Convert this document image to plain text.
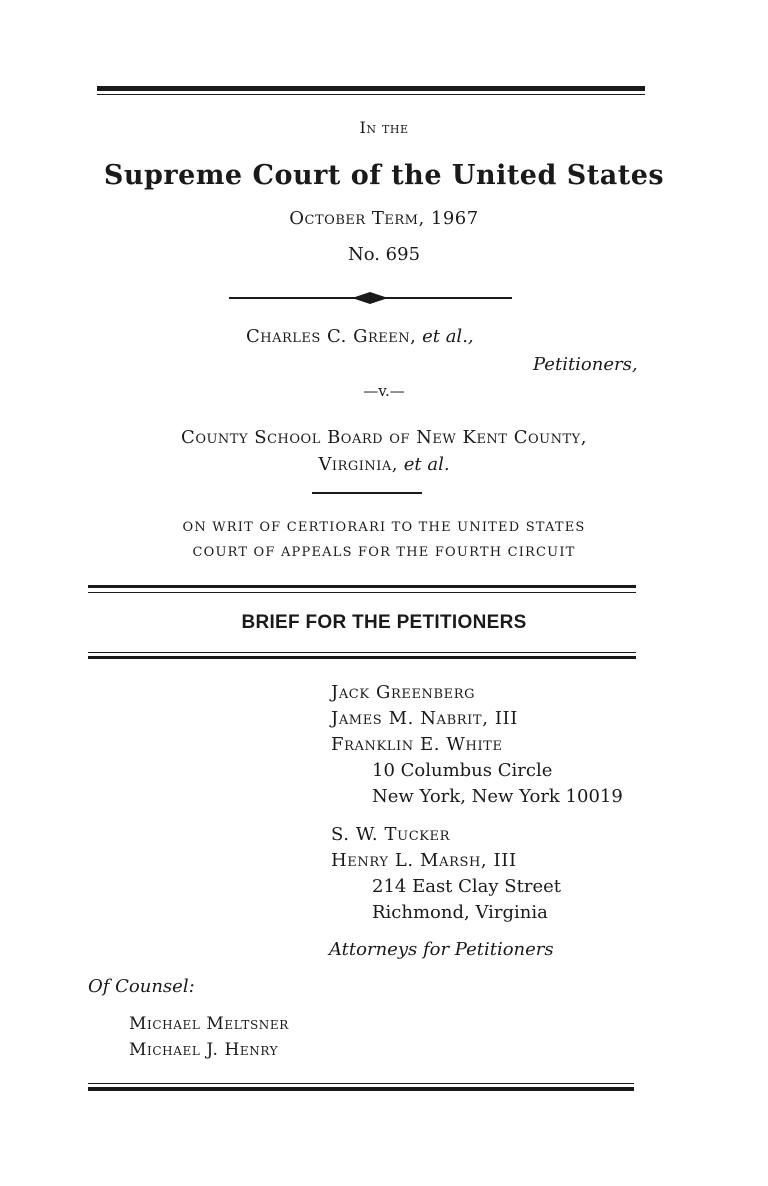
In the
Supreme Court of the United States
October Term, 1967
No. 695
Charles C. Green, et al.,
Petitioners,
—v.—
County School Board of New Kent County,
Virginia, et al.
ON WRIT OF CERTIORARI TO THE UNITED STATES
COURT OF APPEALS FOR THE FOURTH CIRCUIT
BRIEF FOR THE PETITIONERS
Jack Greenberg
James M. Nabrit, III
Franklin E. White
10 Columbus Circle
New York, New York 10019
S. W. Tucker
Henry L. Marsh, III
214 East Clay Street
Richmond, Virginia
Attorneys for Petitioners
Of Counsel:
Michael Meltsner
Michael J. Henry
